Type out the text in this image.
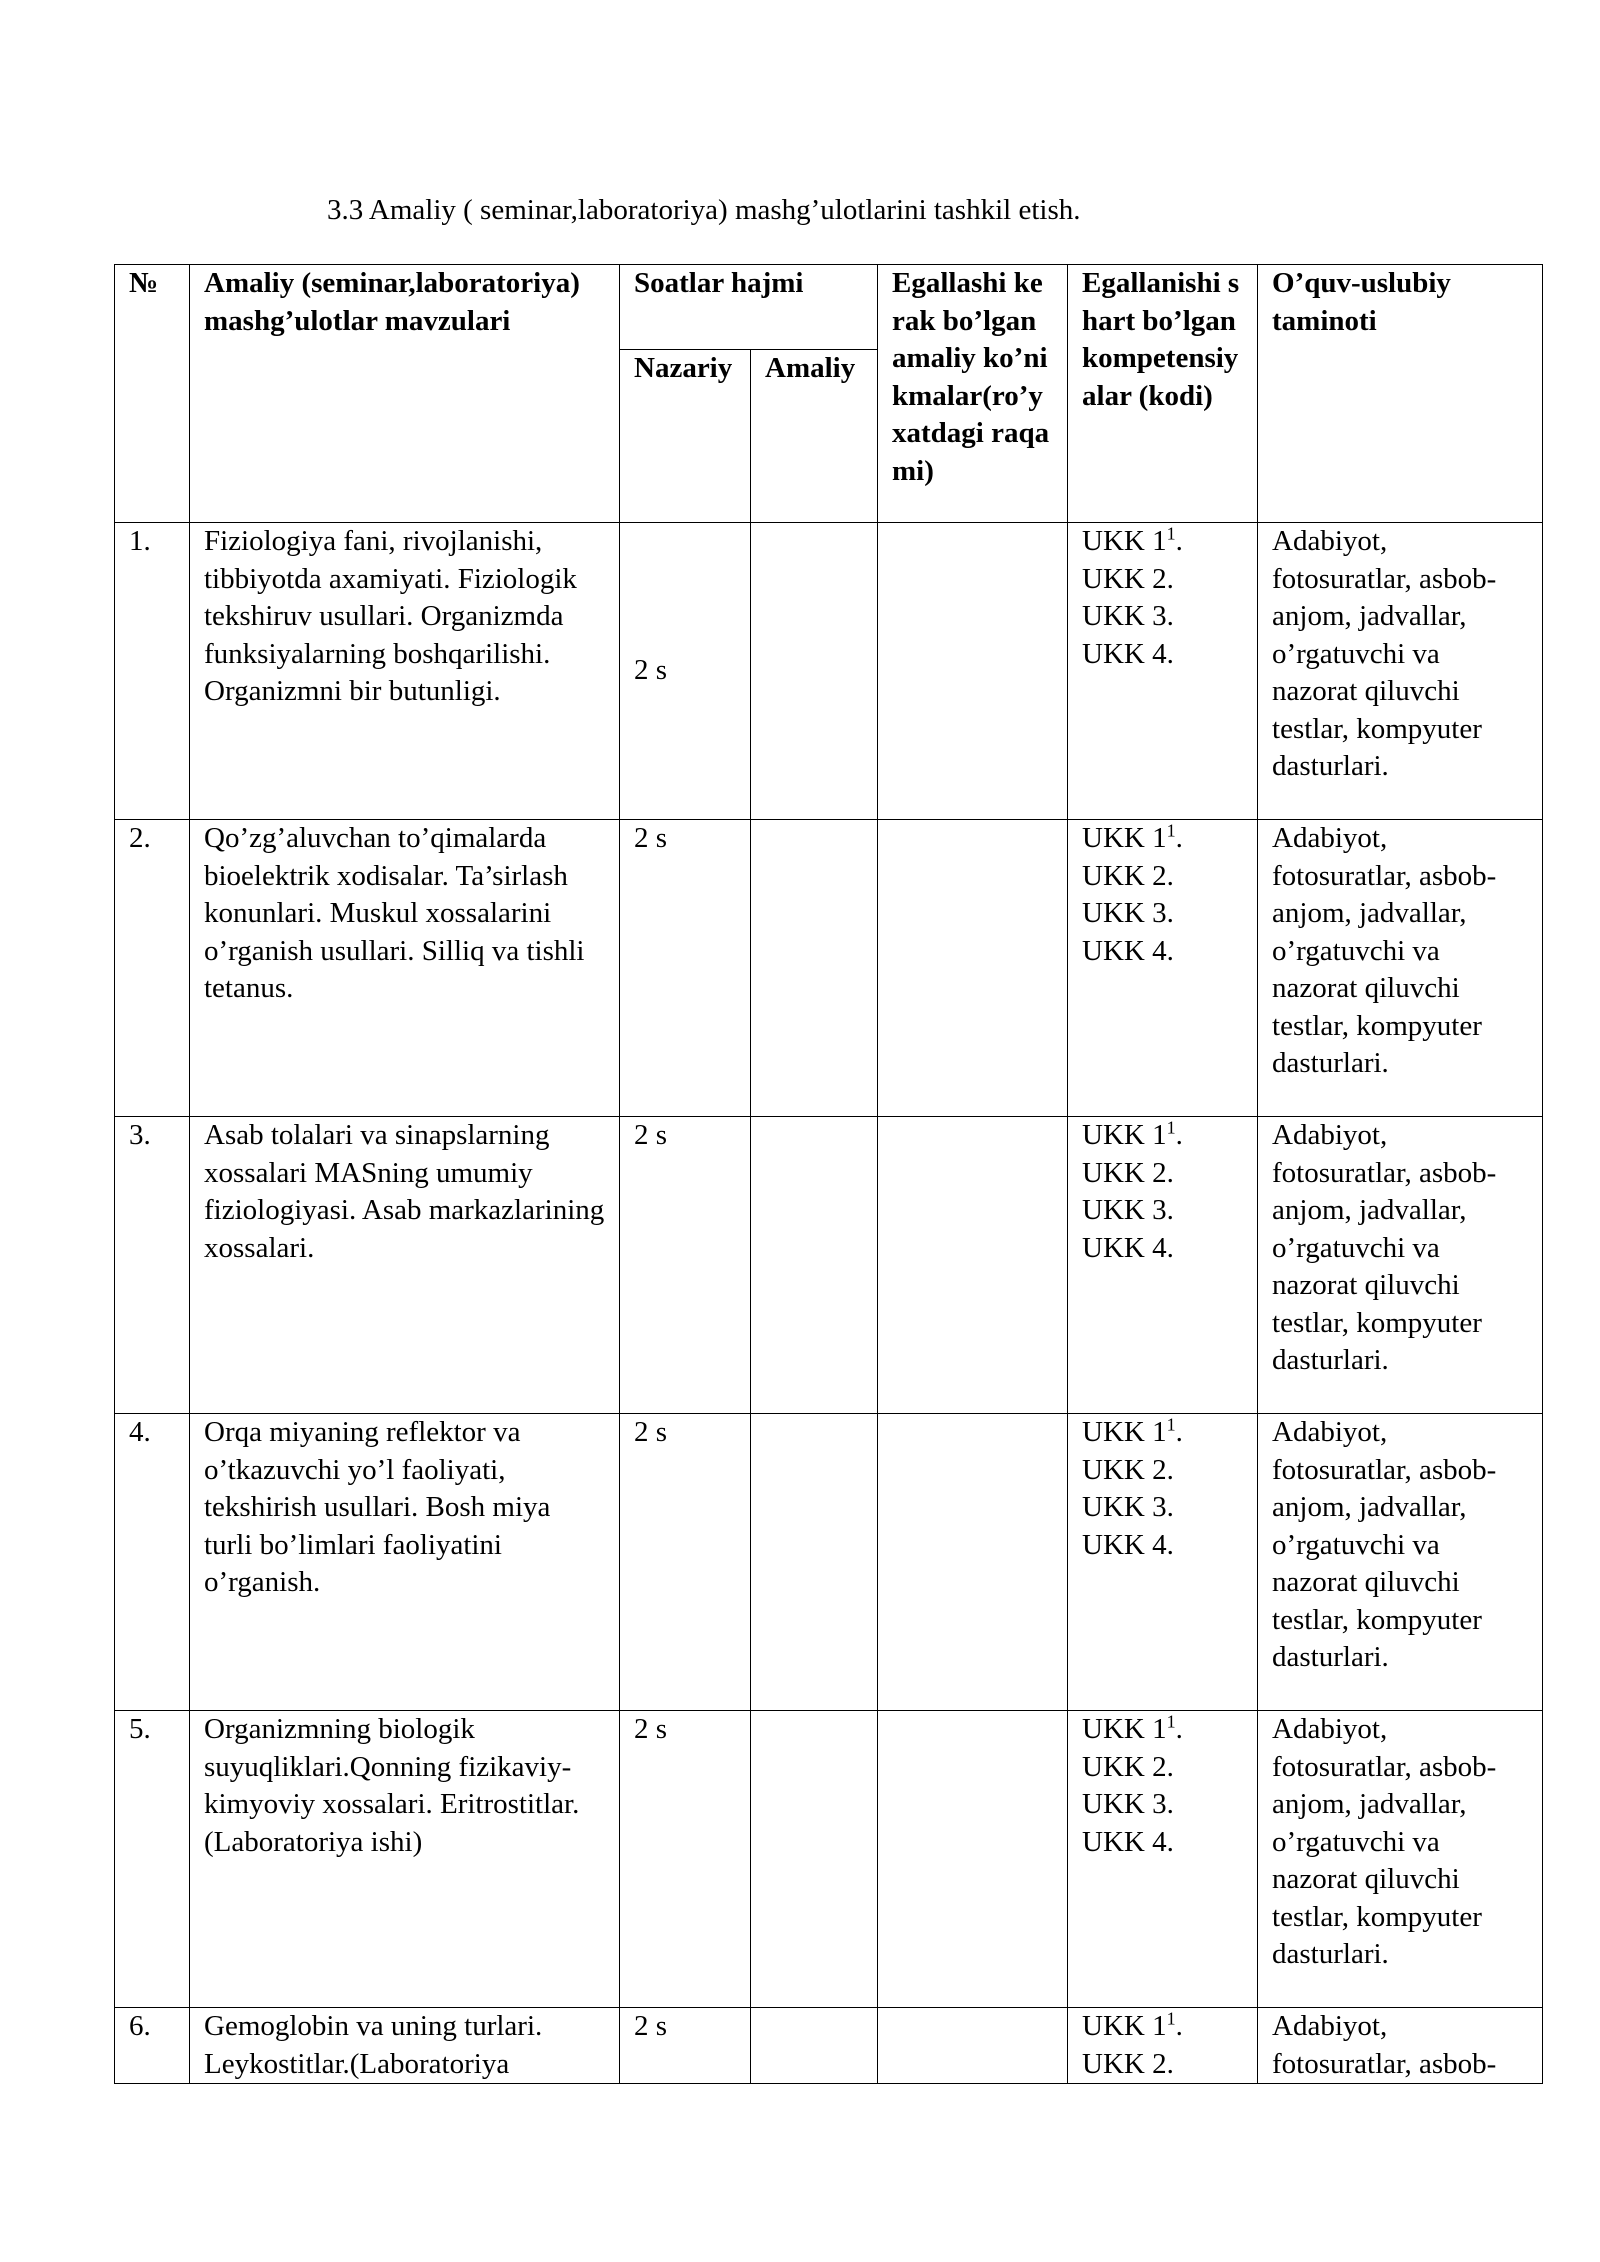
3.3 Amaliy ( seminar,laboratoriya) mashg’ulotlarini tashkil etish.
№	Amaliy (seminar,laboratoriya) mashg’ulotlar mavzulari	Soatlar hajmi		Egallashi kerak bo’lgan amaliy ko’nikmalar(ro’yxatdagi raqami)	Egallanishi shart bo’lgan kompetensiyalar (kodi)	O’quv-uslubiy taminoti
		Nazariy	Amaliy			
1.	Fiziologiya fani, rivojlanishi, tibbiyotda axamiyati. Fiziologik tekshiruv usullari. Organizmda funksiyalarning boshqarilishi. Organizmni bir butunligi.	2 s			UKK $1^1$.
UKK 2.
UKK 3.
UKK 4.	Adabiyot, fotosuratlar, asbob-anjom, jadvallar, o’rgatuvchi va nazorat qiluvchi testlar, kompyuter dasturlari.
2.	Qo’zg’aluvchan to’qimalarda bioelektrik xodisalar. Ta’sirlash konunlari. Muskul xossalarini o’rganish usullari. Silliq va tishli tetanus.	2 s			UKK $1^1$.
UKK 2.
UKK 3.
UKK 4.	Adabiyot, fotosuratlar, asbob-anjom, jadvallar, o’rgatuvchi va nazorat qiluvchi testlar, kompyuter dasturlari.
3.	Asab tolalari va sinapslarning xossalari MASning umumiy fiziologiyasi. Asab markazlarining xossalari.	2 s			UKK $1^1$.
UKK 2.
UKK 3.
UKK 4.	Adabiyot, fotosuratlar, asbob-anjom, jadvallar, o’rgatuvchi va nazorat qiluvchi testlar, kompyuter dasturlari.
4.	Orqa miyaning reflektor va o’tkazuvchi yo’l faoliyati, tekshirish usullari. Bosh miya turli bo’limlari faoliyatini o’rganish.	2 s			UKK $1^1$.
UKK 2.
UKK 3.
UKK 4.	Adabiyot, fotosuratlar, asbob-anjom, jadvallar, o’rgatuvchi va nazorat qiluvchi testlar, kompyuter dasturlari.
5.	Organizmning biologik suyuqliklari.Qonning fizikaviy-kimyoviy xossalari. Eritrostitlar.(Laboratoriya ishi)	2 s			UKK $1^1$.
UKK 2.
UKK 3.
UKK 4.	Adabiyot, fotosuratlar, asbob-anjom, jadvallar, o’rgatuvchi va nazorat qiluvchi testlar, kompyuter dasturlari.
6.	Gemoglobin va uning turlari. Leykostitlar.(Laboratoriya	2 s			UKK $1^1$.
UKK 2.	Adabiyot, fotosuratlar, asbob-
